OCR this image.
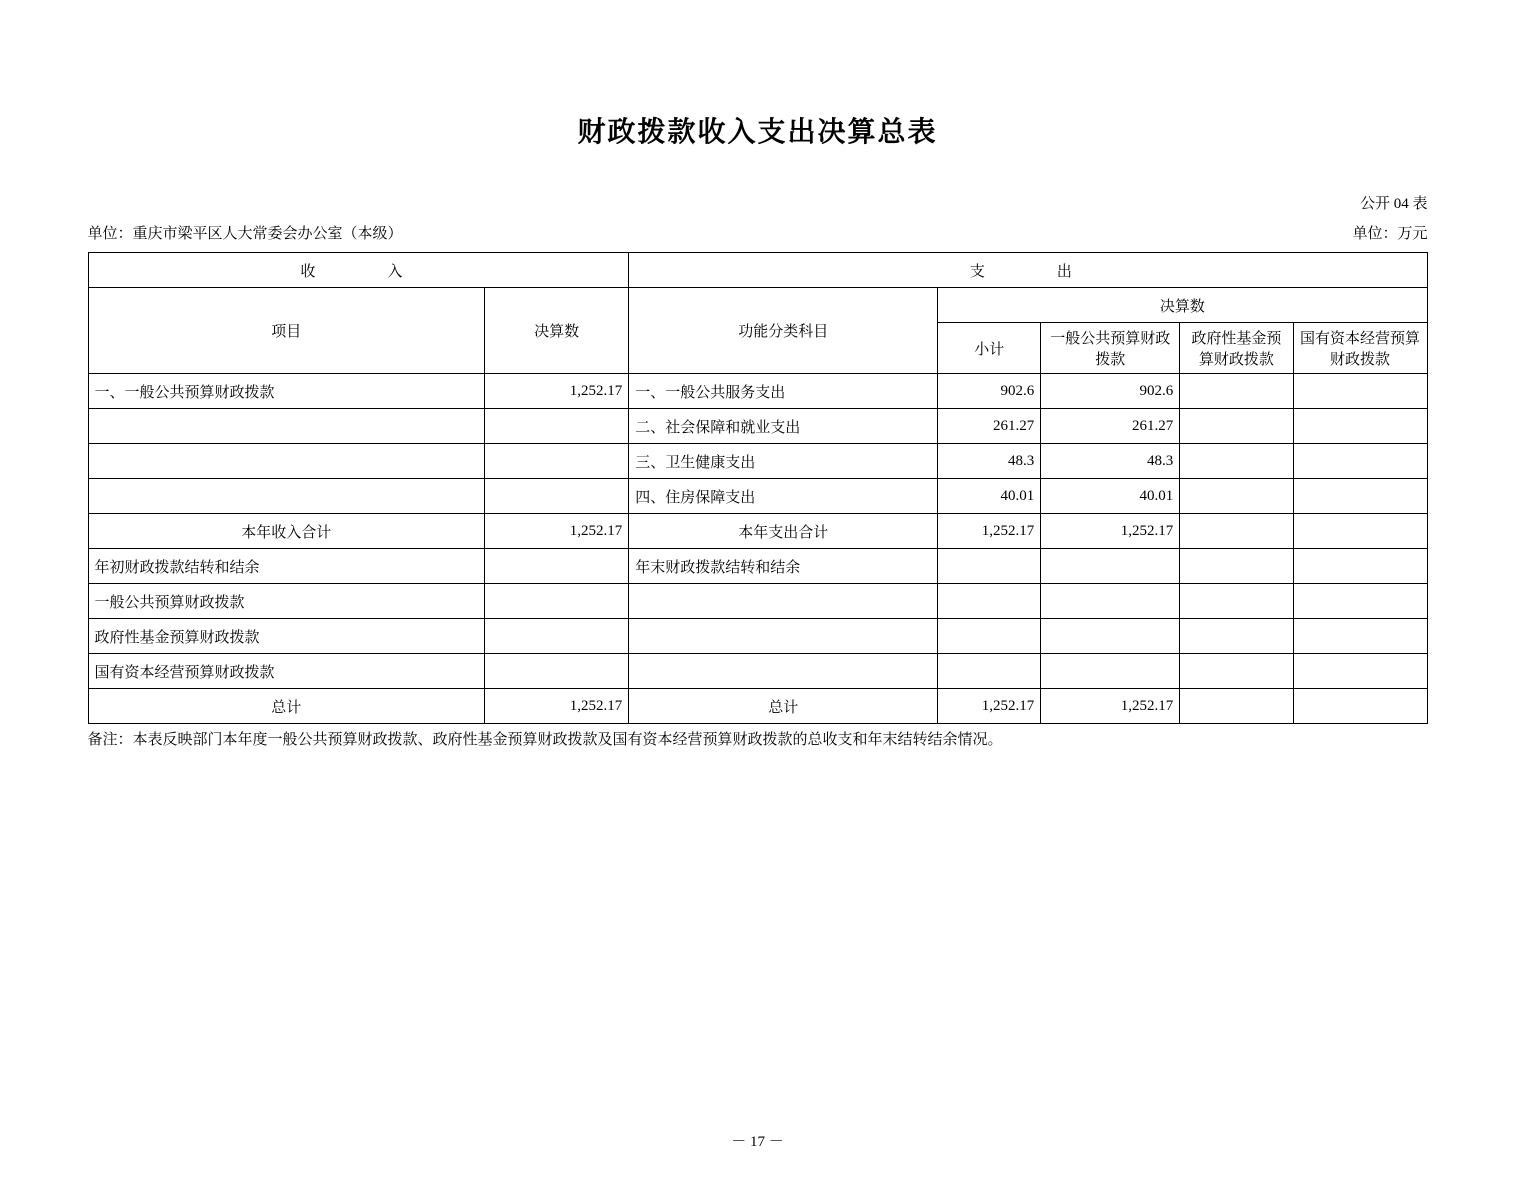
财政拨款收入支出决算总表
公开 04 表
单位：重庆市梁平区人大常委会办公室（本级）	单位：万元
收　　入		支　　出				
项目	决算数	功能分类科目	决算数			
			小计	一般公共预算财政拨款	政府性基金预算财政拨款	国有资本经营预算财政拨款
一、一般公共预算财政拨款	1,252.17	一、一般公共服务支出	902.6	902.6		
		二、社会保障和就业支出	261.27	261.27		
		三、卫生健康支出	48.3	48.3		
		四、住房保障支出	40.01	40.01		
本年收入合计	1,252.17	本年支出合计	1,252.17	1,252.17		
年初财政拨款结转和结余		年末财政拨款结转和结余				
一般公共预算财政拨款						
政府性基金预算财政拨款						
国有资本经营预算财政拨款						
总计	1,252.17	总计	1,252.17	1,252.17		
备注：本表反映部门本年度一般公共预算财政拨款、政府性基金预算财政拨款及国有资本经营预算财政拨款的总收支和年末结转结余情况。
－ 17 －
